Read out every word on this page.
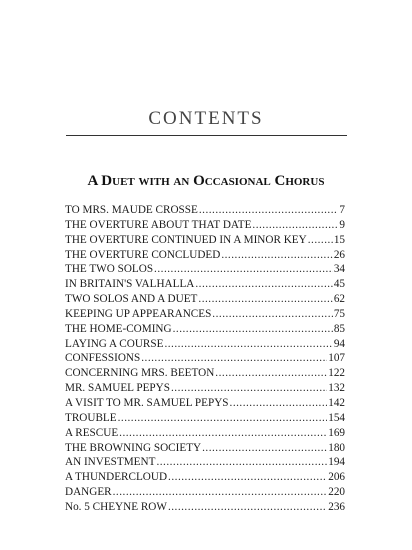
CONTENTS
A Duet with an Occasional Chorus
TO MRS. MAUDE CROSSE .....	7
THE OVERTURE ABOUT THAT DATE .....	9
THE OVERTURE CONTINUED IN A MINOR KEY ..... 15
THE OVERTURE CONCLUDED .....	26
THE TWO SOLOS .....	34
IN BRITAIN'S VALHALLA .....	45
TWO SOLOS AND A DUET .....	62
KEEPING UP APPEARANCES .....	75
THE HOME-COMING .....	85
LAYING A COURSE .....	94
CONFESSIONS .....	107
CONCERNING MRS. BEETON .....	122
MR. SAMUEL PEPYS .....	132
A VISIT TO MR. SAMUEL PEPYS .....	142
TROUBLE .....	154
A RESCUE .....	169
THE BROWNING SOCIETY .....	180
AN INVESTMENT .....	194
A THUNDERCLOUD .....	206
DANGER .....	220
No. 5 CHEYNE ROW .....	236
